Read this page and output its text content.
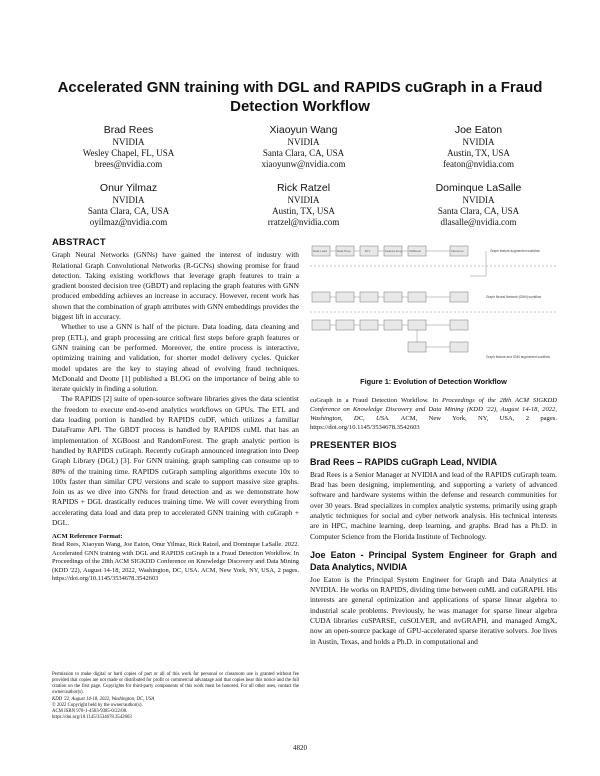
Accelerated GNN training with DGL and RAPIDS cuGraph in a Fraud Detection Workflow
Brad Rees
NVIDIA
Wesley Chapel, FL, USA
brees@nvidia.com
Xiaoyun Wang
NVIDIA
Santa Clara, CA, USA
xiaoyunw@nvidia.com
Joe Eaton
NVIDIA
Austin, TX, USA
featon@nvidia.com
Onur Yilmaz
NVIDIA
Santa Clara, CA, USA
oyilmaz@nvidia.com
Rick Ratzel
NVIDIA
Austin, TX, USA
rratzel@nvidia.com
Dominque LaSalle
NVIDIA
Santa Clara, CA, USA
dlasalle@nvidia.com
ABSTRACT

Graph Neural Networks (GNNs) have gained the interest of industry with Relational Graph Convolutional Networks (R-GCNs) showing promise for fraud detection. Taking existing workflows that leverage graph features to train a gradient boosted decision tree (GBDT) and replacing the graph features with GNN produced embedding achieves an increase in accuracy. However, recent work has shown that the combination of graph attributes with GNN embeddings provides the biggest lift in accuracy.

Whether to use a GNN is half of the picture. Data loading, data cleaning and prep (ETL), and graph processing are critical first steps before graph features or GNN training can be performed. Moreover, the entire process is interactive, optimizing training and validation, for shorter model delivery cycles. Quicker model updates are the key to staying ahead of evolving fraud techniques. McDonald and Deotte [1] published a BLOG on the importance of being able to iterate quickly in finding a solution.

The RAPIDS [2] suite of open-source software libraries gives the data scientist the freedom to execute end-to-end analytics workflows on GPUs. The ETL and data loading portion is handled by RAPIDS cuDF, which utilizes a familiar DataFrame API. The GBDT process is handled by RAPIDS cuML that has an implementation of XGBoost and RandomForest. The graph analytic portion is handled by RAPIDS cuGraph. Recently cuGraph announced integration into Deep Graph Library (DGL) [3]. For GNN training, graph sampling can consume up to 80% of the training time. RAPIDS cuGraph sampling algorithms execute 10x to 100x faster than similar CPU versions and scale to support massive size graphs. Join us as we dive into GNNs for fraud detection and as we demonstrate how RAPIDS + DGL drastically reduces training time. We will cover everything from accelerating data load and data prep to accelerated GNN training with cuGraph + DGL.

ACM Reference Format:
Brad Rees, Xiaoyun Wang, Joe Eaton, Onur Yilmaz, Rick Ratzel, and Dominque LaSalle. 2022. Accelerated GNN training with DGL and RAPIDS cuGraph in a Fraud Detection Workflow. In Proceedings of the 28th ACM SIGKDD Conference on Knowledge Discovery and Data Mining (KDD '22), August 14-18, 2022, Washington, DC, USA. ACM, New York, NY, USA, 2 pages. https://doi.org/10.1145/3534678.3542603
Data Load	Data Prep	ETL	Feature Eng. XGBoost	Inference	Graph feature augmented workflow
Graph Neural Network (GNN) workflow
Graph feature and GNN augmented workflow
Figure 1: Evolution of Detection Workflow
cuGraph in a Fraud Detection Workflow. In Proceedings of the 28th ACM SIGKDD Conference on Knowledge Discovery and Data Mining (KDD '22), August 14-18, 2022, Washington, DC, USA. ACM, New York, NY, USA, 2 pages. https://doi.org/10.1145/3534678.3542603
PRESENTER BIOS
Brad Rees – RAPIDS cuGraph Lead, NVIDIA

Brad Rees is a Senior Manager at NVIDIA and lead of the RAPIDS cuGraph team. Brad has been designing, implementing, and supporting a variety of advanced software and hardware systems within the defense and research communities for over 30 years. Brad specializes in complex analytic systems, primarily using graph analytic techniques for social and cyber network analysis. His technical interests are in HPC, machine learning, deep learning, and graphs. Brad has a Ph.D. in Computer Science from the Florida Institute of Technology.

Joe Eaton - Principal System Engineer for Graph and Data Analytics, NVIDIA

Joe Eaton is the Principal System Engineer for Graph and Data Analytics at NVIDIA. He works on RAPIDS, dividing time between cuML and cuGRAPH. His interests are general optimization and applications of sparse linear algebra to industrial scale problems. Previously, he was manager for sparse linear algebra CUDA libraries cuSPARSE, cuSOLVER, and nvGRAPH, and managed AmgX, now an open-source package of GPU-accelerated sparse iterative solvers. Joe lives in Austin, Texas, and holds a Ph.D. in computational and

Permission to make digital or hard copies of part or all of this work for personal or classroom use is granted without fee provided that copies are not made or distributed for profit or commercial advantage and that copies bear this notice and the full citation on the first page. Copyrights for third-party components of this work must be honored. For all other uses, contact the owner/author(s).
KDD '22, August 14-18, 2022, Washington, DC, USA
© 2022 Copyright held by the owner/author(s).
ACM ISBN 978-1-4503-9385-0/22/08.
https://doi.org/10.1145/3534678.3542603
4820
